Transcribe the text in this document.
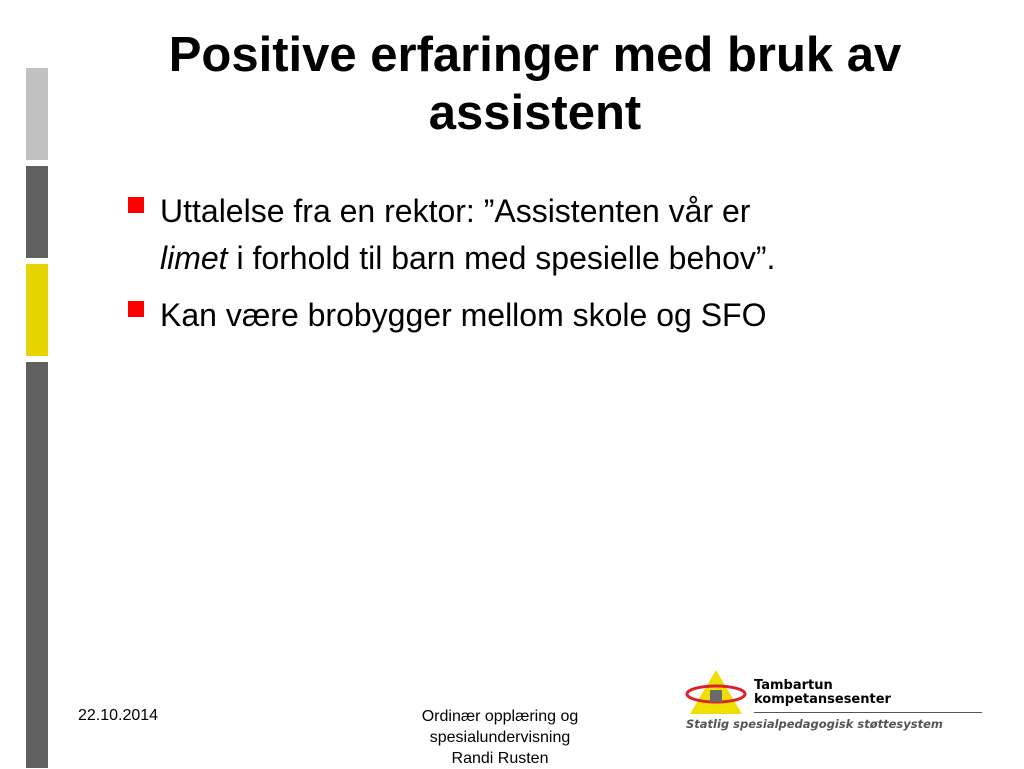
Positive erfaringer med bruk av assistent
Uttalelse fra en rektor: ”Assistenten vår er
limet i forhold til barn med spesielle behov”.
Kan være brobygger mellom skole og SFO
22.10.2014	Ordinær opplæring og
spesialundervisning
Randi Rusten
Tambartun
kompetansesenter
Statlig spesialpedagogisk støttesystem
